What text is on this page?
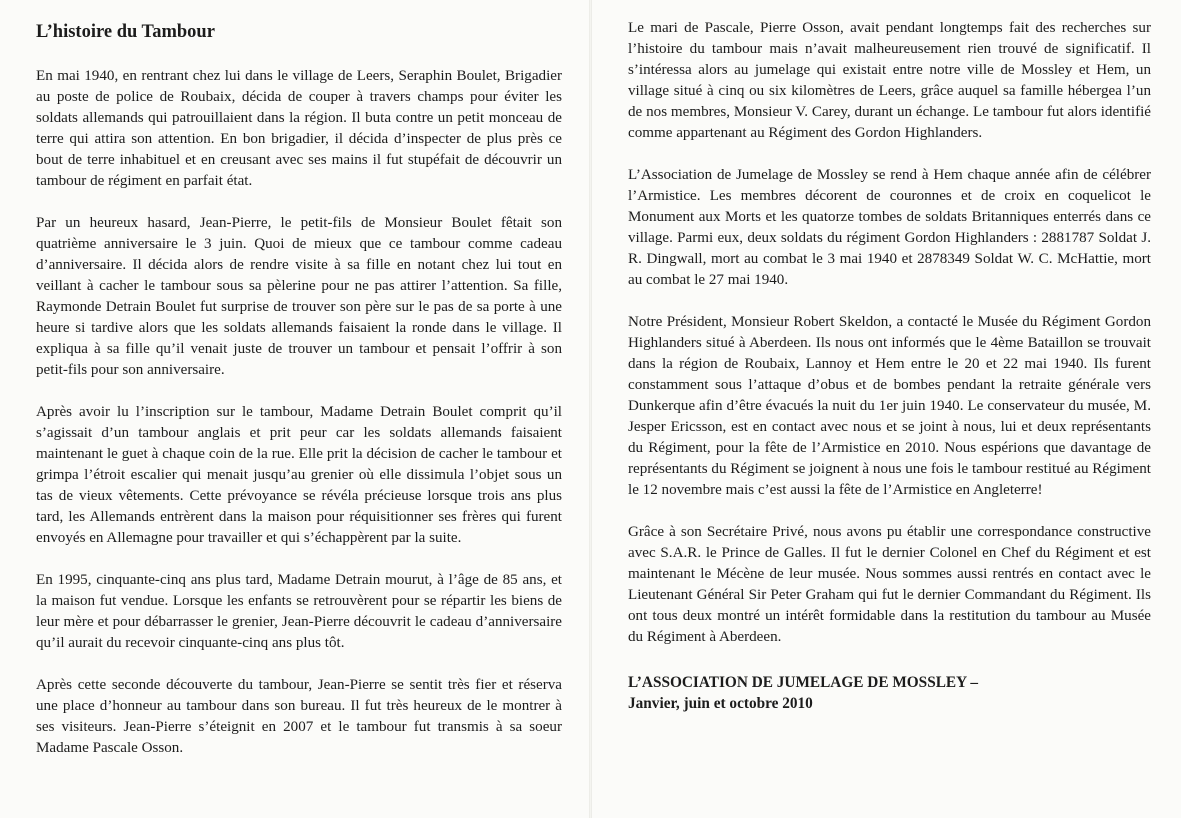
L’histoire du Tambour

En mai 1940, en rentrant chez lui dans le village de Leers, Seraphin Boulet, Brigadier au poste de police de Roubaix, décida de couper à travers champs pour éviter les soldats allemands qui patrouillaient dans la région. Il buta contre un petit monceau de terre qui attira son attention. En bon brigadier, il décida d’inspecter de plus près ce bout de terre inhabituel et en creusant avec ses mains il fut stupéfait de découvrir un tambour de régiment en parfait état.

Par un heureux hasard, Jean-Pierre, le petit-fils de Monsieur Boulet fêtait son quatrième anniversaire le 3 juin. Quoi de mieux que ce tambour comme cadeau d’anniversaire. Il décida alors de rendre visite à sa fille en notant chez lui tout en veillant à cacher le tambour sous sa pèlerine pour ne pas attirer l’attention. Sa fille, Raymonde Detrain Boulet fut surprise de trouver son père sur le pas de sa porte à une heure si tardive alors que les soldats allemands faisaient la ronde dans le village. Il expliqua à sa fille qu’il venait juste de trouver un tambour et pensait l’offrir à son petit-fils pour son anniversaire.

Après avoir lu l’inscription sur le tambour, Madame Detrain Boulet comprit qu’il s’agissait d’un tambour anglais et prit peur car les soldats allemands faisaient maintenant le guet à chaque coin de la rue. Elle prit la décision de cacher le tambour et grimpa l’étroit escalier qui menait jusqu’au grenier où elle dissimula l’objet sous un tas de vieux vêtements. Cette prévoyance se révéla précieuse lorsque trois ans plus tard, les Allemands entrèrent dans la maison pour réquisitionner ses frères qui furent envoyés en Allemagne pour travailler et qui s’échappèrent par la suite.

En 1995, cinquante-cinq ans plus tard, Madame Detrain mourut, à l’âge de 85 ans, et la maison fut vendue. Lorsque les enfants se retrouvèrent pour se répartir les biens de leur mère et pour débarrasser le grenier, Jean-Pierre découvrit le cadeau d’anniversaire qu’il aurait du recevoir cinquante-cinq ans plus tôt.

Après cette seconde découverte du tambour, Jean-Pierre se sentit très fier et réserva une place d’honneur au tambour dans son bureau. Il fut très heureux de le montrer à ses visiteurs. Jean-Pierre s’éteignit en 2007 et le tambour fut transmis à sa soeur Madame Pascale Osson.

Le mari de Pascale, Pierre Osson, avait pendant longtemps fait des recherches sur l’histoire du tambour mais n’avait malheureusement rien trouvé de significatif. Il s’intéressa alors au jumelage qui existait entre notre ville de Mossley et Hem, un village situé à cinq ou six kilomètres de Leers, grâce auquel sa famille hébergea l’un de nos membres, Monsieur V. Carey, durant un échange. Le tambour fut alors identifié comme appartenant au Régiment des Gordon Highlanders.

L’Association de Jumelage de Mossley se rend à Hem chaque année afin de célébrer l’Armistice. Les membres décorent de couronnes et de croix en coquelicot le Monument aux Morts et les quatorze tombes de soldats Britanniques enterrés dans ce village. Parmi eux, deux soldats du régiment Gordon Highlanders : 2881787 Soldat J. R. Dingwall, mort au combat le 3 mai 1940 et 2878349 Soldat W. C. McHattie, mort au combat le 27 mai 1940.

Notre Président, Monsieur Robert Skeldon, a contacté le Musée du Régiment Gordon Highlanders situé à Aberdeen. Ils nous ont informés que le 4ème Bataillon se trouvait dans la région de Roubaix, Lannoy et Hem entre le 20 et 22 mai 1940. Ils furent constamment sous l’attaque d’obus et de bombes pendant la retraite générale vers Dunkerque afin d’être évacués la nuit du 1er juin 1940. Le conservateur du musée, M. Jesper Ericsson, est en contact avec nous et se joint à nous, lui et deux représentants du Régiment, pour la fête de l’Armistice en 2010. Nous espérions que davantage de représentants du Régiment se joignent à nous une fois le tambour restitué au Régiment le 12 novembre mais c’est aussi la fête de l’Armistice en Angleterre!

Grâce à son Secrétaire Privé, nous avons pu établir une correspondance constructive avec S.A.R. le Prince de Galles. Il fut le dernier Colonel en Chef du Régiment et est maintenant le Mécène de leur musée. Nous sommes aussi rentrés en contact avec le Lieutenant Général Sir Peter Graham qui fut le dernier Commandant du Régiment. Ils ont tous deux montré un intérêt formidable dans la restitution du tambour au Musée du Régiment à Aberdeen.

L’ASSOCIATION DE JUMELAGE DE MOSSLEY –
Janvier, juin et octobre 2010
